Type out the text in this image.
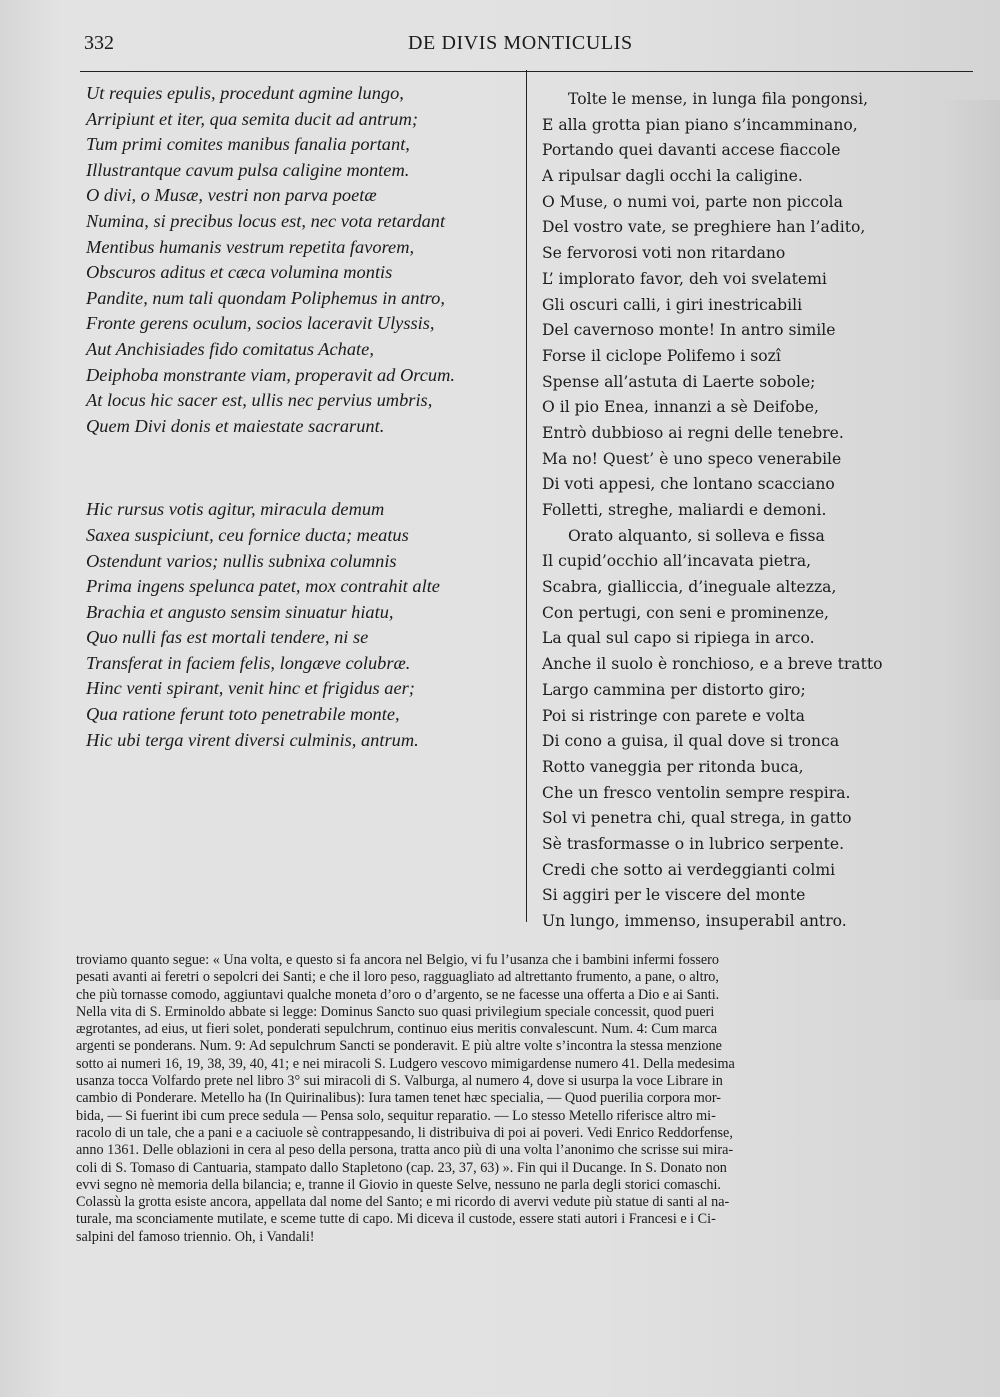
332	DE DIVIS MONTICULIS
Ut requies epulis, procedunt agmine lungo,
Arripiunt et iter, qua semita ducit ad antrum;
Tum primi comites manibus fanalia portant,
Illustrantque cavum pulsa caligine montem.
O divi, o Musæ, vestri non parva poetæ
Numina, si precibus locus est, nec vota retardant
Mentibus humanis vestrum repetita favorem,
Obscuros aditus et cæca volumina montis
Pandite, num tali quondam Poliphemus in antro,
Fronte gerens oculum, socios laceravit Ulyssis,
Aut Anchisiades fido comitatus Achate,
Deiphoba monstrante viam, properavit ad Orcum.
At locus hic sacer est, ullis nec pervius umbris,
Quem Divi donis et maiestate sacrarunt.
Hic rursus votis agitur, miracula demum
Saxea suspiciunt, ceu fornice ducta; meatus
Ostendunt varios; nullis subnixa columnis
Prima ingens spelunca patet, mox contrahit alte
Brachia et angusto sensim sinuatur hiatu,
Quo nulli fas est mortali tendere, ni se
Transferat in faciem felis, longæve colubræ.
Hinc venti spirant, venit hinc et frigidus aer;
Qua ratione ferunt toto penetrabile monte,
Hic ubi terga virent diversi culminis, antrum.
Tolte le mense, in lunga fila pongonsi,
E alla grotta pian piano s’incamminano,
Portando quei davanti accese fiaccole
A ripulsar dagli occhi la caligine.
O Muse, o numi voi, parte non piccola
Del vostro vate, se preghiere han l’adito,
Se fervorosi voti non ritardano
L’ implorato favor, deh voi svelatemi
Gli oscuri calli, i giri inestricabili
Del cavernoso monte! In antro simile
Forse il ciclope Polifemo i sozî
Spense all’astuta di Laerte sobole;
O il pio Enea, innanzi a sè Deifobe,
Entrò dubbioso ai regni delle tenebre.
Ma no! Quest’ è uno speco venerabile
Di voti appesi, che lontano scacciano
Folletti, streghe, maliardi e demoni.
Orato alquanto, si solleva e fissa
Il cupid’occhio all’incavata pietra,
Scabra, gialliccia, d’ineguale altezza,
Con pertugi, con seni e prominenze,
La qual sul capo si ripiega in arco.
Anche il suolo è ronchioso, e a breve tratto
Largo cammina per distorto giro;
Poi si ristringe con parete e volta
Di cono a guisa, il qual dove si tronca
Rotto vaneggia per ritonda buca,
Che un fresco ventolin sempre respira.
Sol vi penetra chi, qual strega, in gatto
Sè trasformasse o in lubrico serpente.
Credi che sotto ai verdeggianti colmi
Si aggiri per le viscere del monte
Un lungo, immenso, insuperabil antro.
troviamo quanto segue: « Una volta, e questo si fa ancora nel Belgio, vi fu l’usanza che i bambini infermi fossero
pesati avanti ai feretri o sepolcri dei Santi; e che il loro peso, ragguagliato ad altrettanto frumento, a pane, o altro,
che più tornasse comodo, aggiuntavi qualche moneta d’oro o d’argento, se ne facesse una offerta a Dio e ai Santi.
Nella vita di S. Erminoldo abbate si legge: Dominus Sancto suo quasi privilegium speciale concessit, quod pueri
ægrotantes, ad eius, ut fieri solet, ponderati sepulchrum, continuo eius meritis convalescunt. Num. 4: Cum marca
argenti se ponderans. Num. 9: Ad sepulchrum Sancti se ponderavit. E più altre volte s’incontra la stessa menzione
sotto ai numeri 16, 19, 38, 39, 40, 41; e nei miracoli S. Ludgero vescovo mimigardense numero 41. Della medesima
usanza tocca Volfardo prete nel libro 3° sui miracoli di S. Valburga, al numero 4, dove si usurpa la voce Librare in
cambio di Ponderare. Metello ha (In Quirinalibus): Iura tamen tenet hæc specialia, — Quod puerilia corpora mor-
bida, — Si fuerint ibi cum prece sedula — Pensa solo, sequitur reparatio. — Lo stesso Metello riferisce altro mi-
racolo di un tale, che a pani e a caciuole sè contrappesando, li distribuiva di poi ai poveri. Vedi Enrico Reddorfense,
anno 1361. Delle oblazioni in cera al peso della persona, tratta anco più di una volta l’anonimo che scrisse sui mira-
coli di S. Tomaso di Cantuaria, stampato dallo Stapletono (cap. 23, 37, 63) ». Fin qui il Ducange. In S. Donato non
evvi segno nè memoria della bilancia; e, tranne il Giovio in queste Selve, nessuno ne parla degli storici comaschi.
Colassù la grotta esiste ancora, appellata dal nome del Santo; e mi ricordo di avervi vedute più statue di santi al na-
turale, ma sconciamente mutilate, e sceme tutte di capo. Mi diceva il custode, essere stati autori i Francesi e i Ci-
salpini del famoso triennio. Oh, i Vandali!
